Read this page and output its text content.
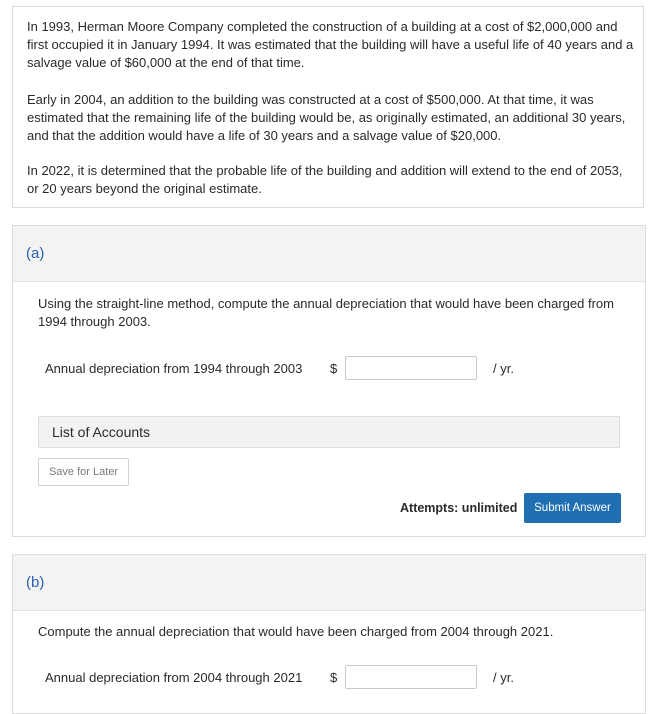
In 1993, Herman Moore Company completed the construction of a building at a cost of $2,000,000 and first occupied it in January 1994. It was estimated that the building will have a useful life of 40 years and a salvage value of $60,000 at the end of that time.

Early in 2004, an addition to the building was constructed at a cost of $500,000. At that time, it was estimated that the remaining life of the building would be, as originally estimated, an additional 30 years, and that the addition would have a life of 30 years and a salvage value of $20,000.

In 2022, it is determined that the probable life of the building and addition will extend to the end of 2053, or 20 years beyond the original estimate.

(a)

Using the straight-line method, compute the annual depreciation that would have been charged from 1994 through 2003.

Annual depreciation from 1994 through 2003 $	/ yr.
List of Accounts
Save for Later
Attempts: unlimited	Submit Answer
(b)

Compute the annual depreciation that would have been charged from 2004 through 2021.

Annual depreciation from 2004 through 2021 $	/ yr.
